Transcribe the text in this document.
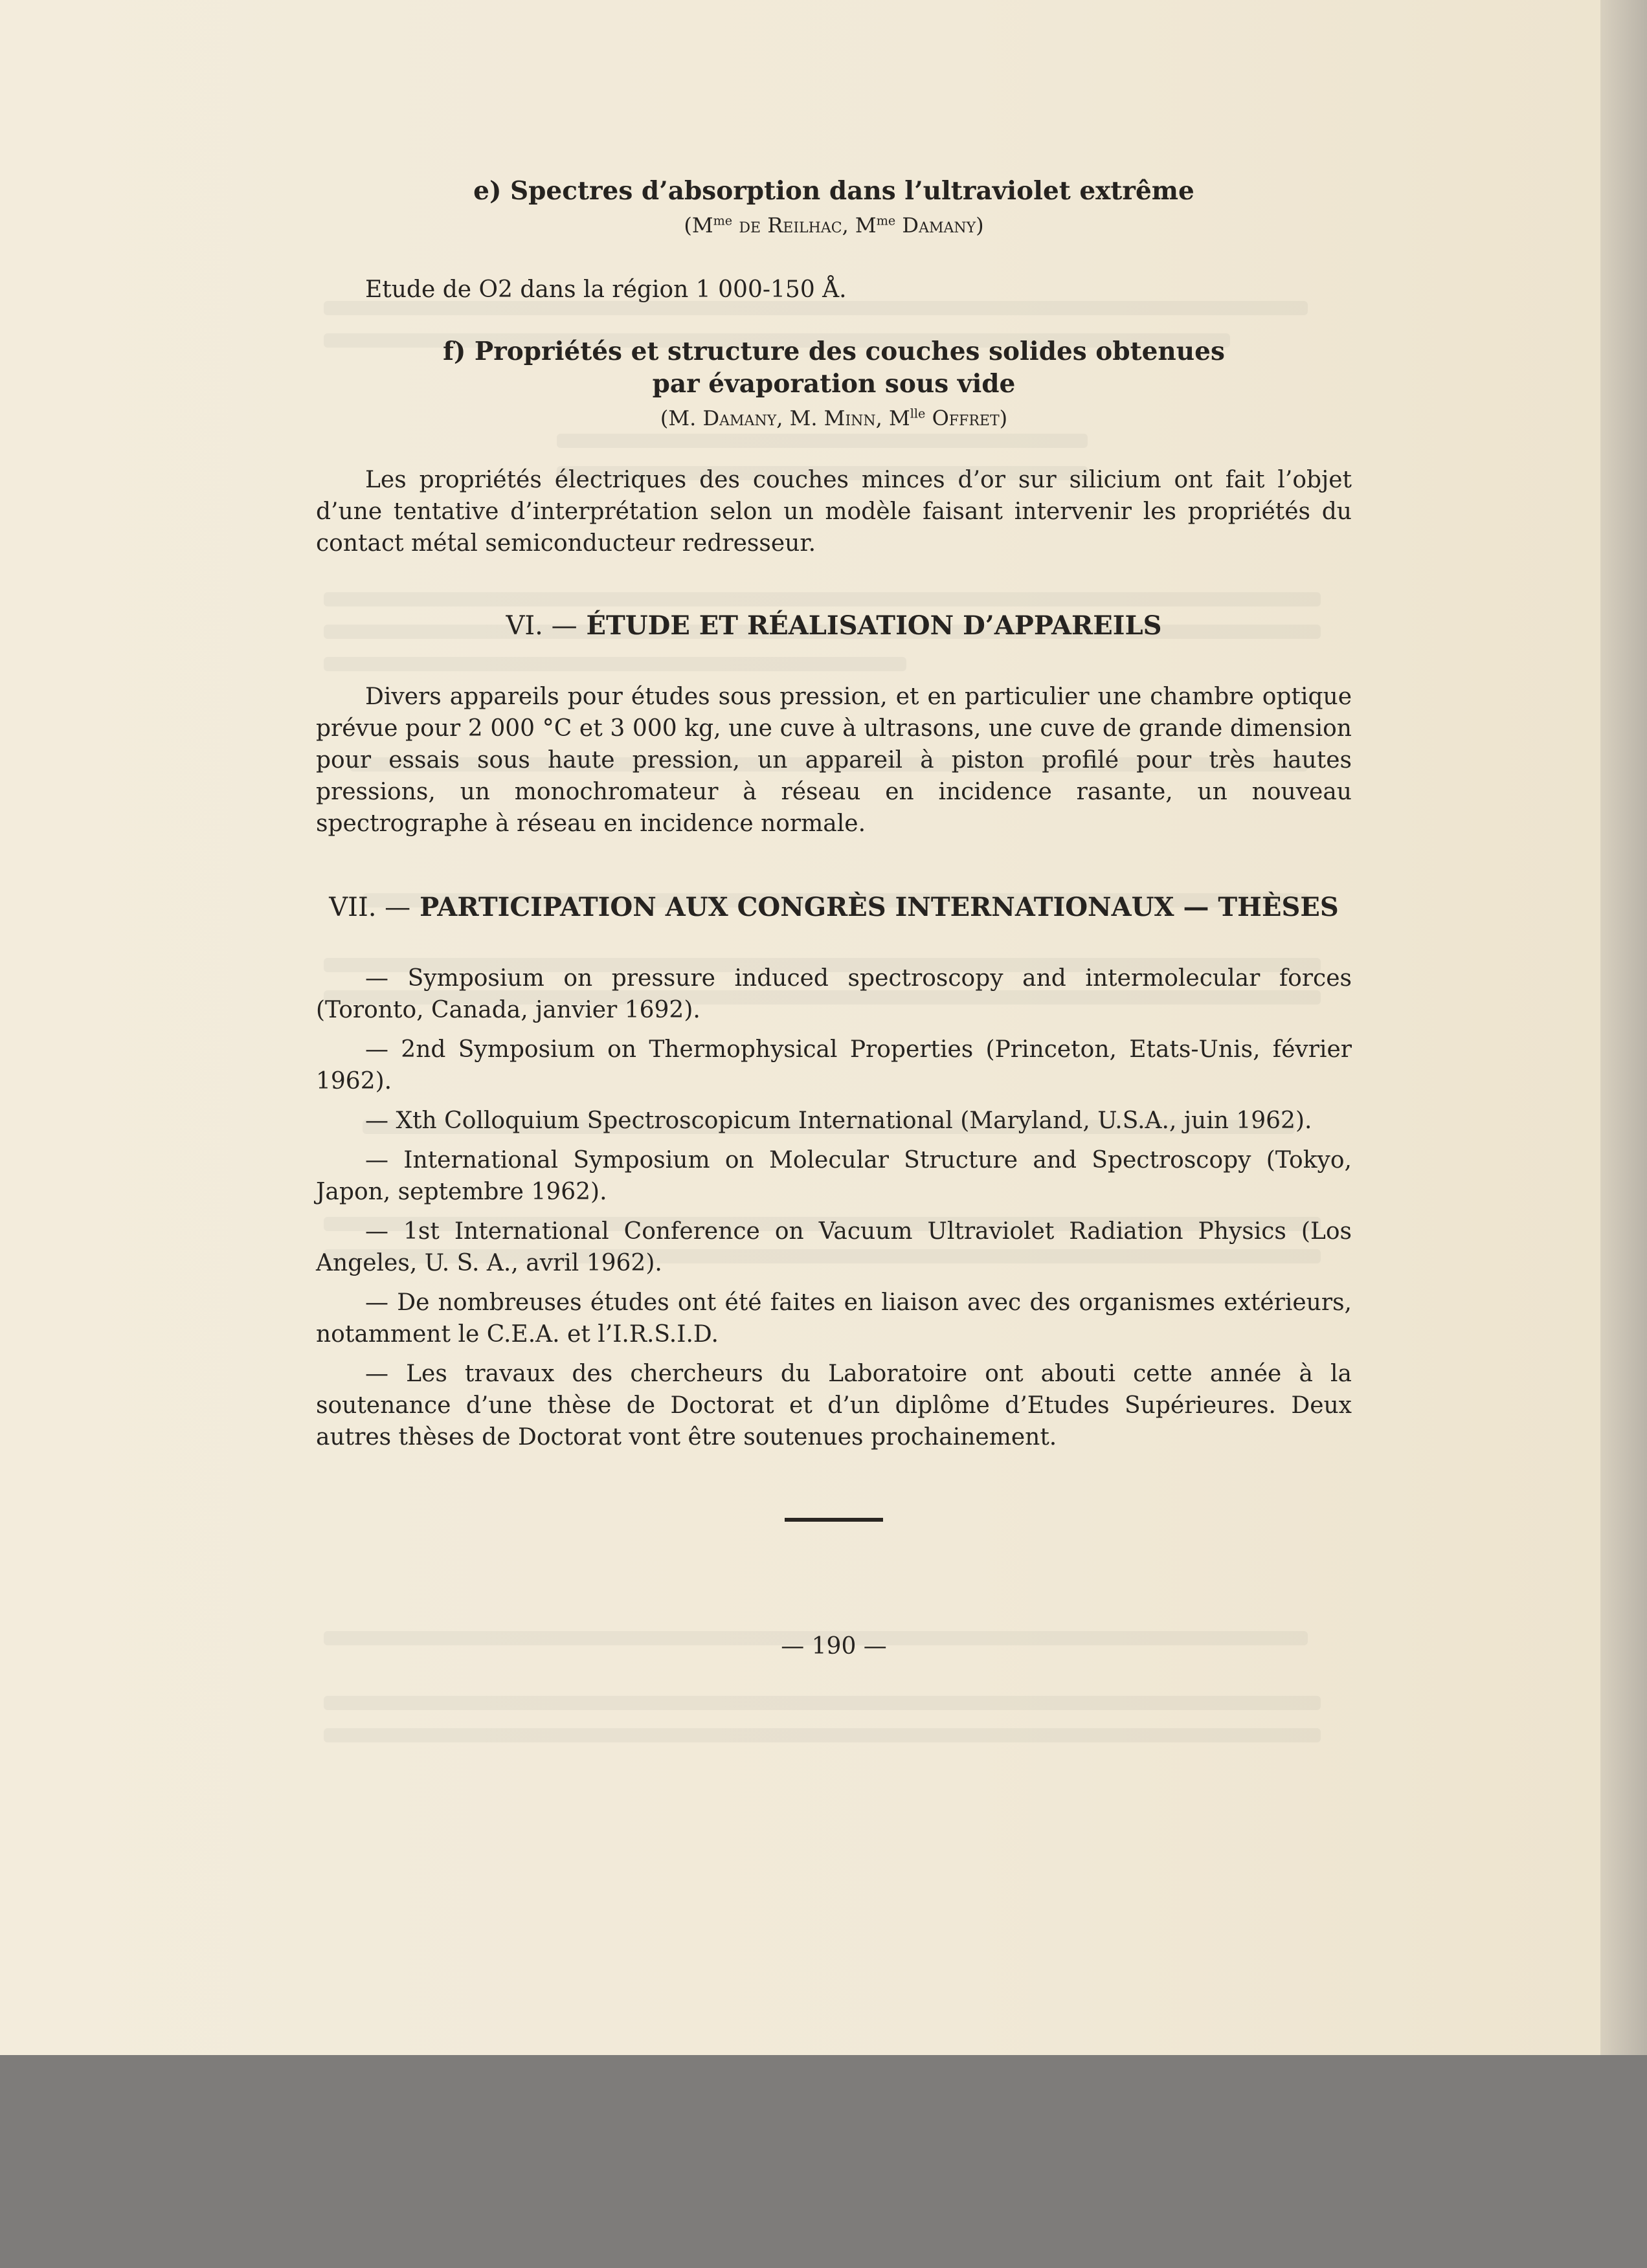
e) Spectres d’absorption dans l’ultraviolet extrême

($M^{me}$ de Reilhac, $M^{me}$ Damany)

Etude de O2 dans la région 1 000-150 Å.

f) Propriétés et structure des couches solides obtenues

par évaporation sous vide

(M. Damany, M. Minn, $M^{lle}$ Offret)

Les propriétés électriques des couches minces d’or sur silicium ont fait l’objet d’une tentative d’interprétation selon un modèle faisant intervenir les propriétés du contact métal semiconducteur redresseur.

VI. — ÉTUDE ET RÉALISATION D’APPAREILS

Divers appareils pour études sous pression, et en particulier une chambre optique prévue pour 2 000 °C et 3 000 kg, une cuve à ultrasons, une cuve de grande dimension pour essais sous haute pression, un appareil à piston profilé pour très hautes pressions, un monochromateur à réseau en incidence rasante, un nouveau spectrographe à réseau en incidence normale.

VII. — PARTICIPATION AUX CONGRÈS INTERNATIONAUX — THÈSES

— Symposium on pressure induced spectroscopy and intermolecular forces (Toronto, Canada, janvier 1692).

— 2nd Symposium on Thermophysical Properties (Princeton, Etats-Unis, février 1962).

— Xth Colloquium Spectroscopicum International (Maryland, U.S.A., juin 1962).

— International Symposium on Molecular Structure and Spectroscopy (Tokyo, Japon, septembre 1962).

— 1st International Conference on Vacuum Ultraviolet Radiation Physics (Los Angeles, U. S. A., avril 1962).

— De nombreuses études ont été faites en liaison avec des organismes extérieurs, notamment le C.E.A. et l’I.R.S.I.D.

— Les travaux des chercheurs du Laboratoire ont abouti cette année à la soutenance d’une thèse de Doctorat et d’un diplôme d’Etudes Supérieures. Deux autres thèses de Doctorat vont être soutenues prochainement.

— 190 —
